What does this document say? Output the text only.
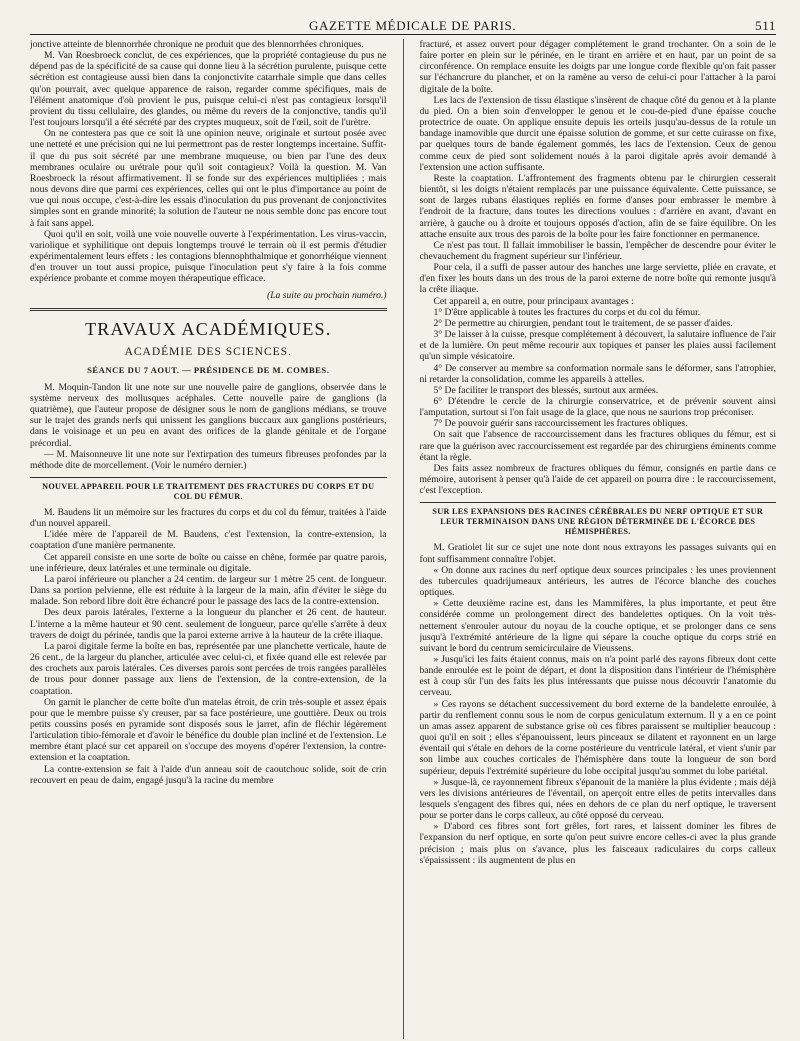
GAZETTE MÉDICALE DE PARIS.	511

jonctive atteinte de blennorrhée chronique ne produit que des blennorrhées chroniques.

M. Van Roesbroeck conclut, de ces expériences, que la propriété contagieuse du pus ne dépend pas de la spécificité de sa cause qui donne lieu à la sécrétion purulente, puisque cette sécrétion est contagieuse aussi bien dans la conjonctivite catarrhale simple que dans celles qu'on pourrait, avec quelque apparence de raison, regarder comme spécifiques, mais de l'élément anatomique d'où provient le pus, puisque celui-ci n'est pas contagieux lorsqu'il provient du tissu cellulaire, des glandes, ou même du revers de la conjonctive, tandis qu'il l'est toujours lorsqu'il a été sécrété par des cryptes muqueux, soit de l'œil, soit de l'urètre.

On ne contestera pas que ce soit là une opinion neuve, originale et surtout posée avec une netteté et une précision qui ne lui permettront pas de rester longtemps incertaine. Suffit-il que du pus soit sécrété par une membrane muqueuse, ou bien par l'une des deux membranes oculaire ou urétrale pour qu'il soit contagieux? Voilà la question. M. Van Roesbroeck la résout affirmativement. Il se fonde sur des expériences multipliées ; mais nous devons dire que parmi ces expériences, celles qui ont le plus d'importance au point de vue qui nous occupe, c'est-à-dire les essais d'inoculation du pus provenant de conjonctivites simples sont en grande minorité; la solution de l'auteur ne nous semble donc pas encore tout à fait sans appel.

Quoi qu'il en soit, voilà une voie nouvelle ouverte à l'expérimentation. Les virus-vaccin, variolique et syphilitique ont depuis longtemps trouvé le terrain où il est permis d'étudier expérimentalement leurs effets : les contagions blennophthalmique et gonorrhéique viennent d'en trouver un tout aussi propice, puisque l'inoculation peut s'y faire à la fois comme expérience probante et comme moyen thérapeutique efficace.

(La suite au prochain numéro.)

TRAVAUX ACADÉMIQUES.
ACADÉMIE DES SCIENCES.
SÉANCE DU 7 AOUT. — PRÉSIDENCE DE M. COMBES.

M. Moquin-Tandon lit une note sur une nouvelle paire de ganglions, observée dans le système nerveux des mollusques acéphales. Cette nouvelle paire de ganglions (la quatrième), que l'auteur propose de désigner sous le nom de ganglions médians, se trouve sur le trajet des grands nerfs qui unissent les ganglions buccaux aux ganglions postérieurs, dans le voisinage et un peu en avant des orifices de la glande génitale et de l'organe précordial.

— M. Maisonneuve lit une note sur l'extirpation des tumeurs fibreuses profondes par la méthode dite de morcellement. (Voir le numéro dernier.)

NOUVEL APPAREIL POUR LE TRAITEMENT DES FRACTURES DU CORPS ET DU COL DU FÉMUR.

M. Baudens lit un mémoire sur les fractures du corps et du col du fémur, traitées à l'aide d'un nouvel appareil.

L'idée mère de l'appareil de M. Baudens, c'est l'extension, la contre-extension, la coaptation d'une manière permanente.

Cet appareil consiste en une sorte de boîte ou caisse en chêne, formée par quatre parois, une inférieure, deux latérales et une terminale ou digitale.

La paroi inférieure ou plancher a 24 centim. de largeur sur 1 mètre 25 cent. de longueur. Dans sa portion pelvienne, elle est réduite à la largeur de la main, afin d'éviter le siège du malade. Son rebord libre doit être échancré pour le passage des lacs de la contre-extension.

Des deux parois latérales, l'externe a la longueur du plancher et 26 cent. de hauteur. L'interne a la même hauteur et 90 cent. seulement de longueur, parce qu'elle s'arrête à deux travers de doigt du périnée, tandis que la paroi externe arrive à la hauteur de la crête iliaque.

La paroi digitale ferme la boîte en bas, représentée par une planchette verticale, haute de 26 cent., de la largeur du plancher, articulée avec celui-ci, et fixée quand elle est relevée par des crochets aux parois latérales. Ces diverses parois sont percées de trois rangées parallèles de trous pour donner passage aux liens de l'extension, de la contre-extension, de la coaptation.

On garnit le plancher de cette boîte d'un matelas étroit, de crin très-souple et assez épais pour que le membre puisse s'y creuser, par sa face postérieure, une gouttière. Deux ou trois petits coussins posés en pyramide sont disposés sous le jarret, afin de fléchir légèrement l'articulation tibio-fémorale et d'avoir le bénéfice du double plan incliné et de l'extension. Le membre étant placé sur cet appareil on s'occupe des moyens d'opérer l'extension, la contre-extension et la coaptation.

La contre-extension se fait à l'aide d'un anneau soit de caoutchouc solide, soit de crin recouvert en peau de daim, engagé jusqu'à la racine du membre

fracturé, et assez ouvert pour dégager complétement le grand trochanter. On a soin de le faire porter en plein sur le périnée, en le tirant en arrière et en haut, par un point de sa circonférence. On remplace ensuite les doigts par une longue corde flexible qu'on fait passer sur l'échancrure du plancher, et on la ramène au verso de celui-ci pour l'attacher à la paroi digitale de la boîte.

Les lacs de l'extension de tissu élastique s'insèrent de chaque côté du genou et à la plante du pied. On a bien soin d'envelopper le genou et le cou-de-pied d'une épaisse couche protectrice de ouate. On applique ensuite depuis les orteils jusqu'au-dessus de la rotule un bandage inamovible que durcit une épaisse solution de gomme, et sur cette cuirasse on fixe, par quelques tours de bande également gommés, les lacs de l'extension. Ceux de genou comme ceux de pied sont solidement noués à la paroi digitale après avoir demandé à l'extension une action suffisante.

Reste la coaptation. L'affrontement des fragments obtenu par le chirurgien cesserait bientôt, si les doigts n'étaient remplacés par une puissance équivalente. Cette puissance, se sont de larges rubans élastiques repliés en forme d'anses pour embrasser le membre à l'endroit de la fracture, dans toutes les directions voulues : d'arrière en avant, d'avant en arrière, à gauche ou à droite et toujours opposés d'action, afin de se faire équilibre. On les attache ensuite aux trous des parois de la boîte pour les faire fonctionner en permanence.

Ce n'est pas tout. Il fallait immobiliser le bassin, l'empêcher de descendre pour éviter le chevauchement du fragment supérieur sur l'inférieur.

Pour cela, il a suffi de passer autour des hanches une large serviette, pliée en cravate, et d'en fixer les bouts dans un des trous de la paroi externe de notre boîte qui remonte jusqu'à la crête iliaque.

Cet appareil a, en outre, pour principaux avantages :

1° D'être applicable à toutes les fractures du corps et du col du fémur.

2° De permettre au chirurgien, pendant tout le traitement, de se passer d'aides.

3° De laisser à la cuisse, presque complétement à découvert, la salutaire influence de l'air et de la lumière. On peut même recourir aux topiques et panser les plaies aussi facilement qu'un simple vésicatoire.

4° De conserver au membre sa conformation normale sans le déformer, sans l'atrophier, ni retarder la consolidation, comme les appareils à attelles.

5° De faciliter le transport des blessés, surtout aux armées.

6° D'étendre le cercle de la chirurgie conservatrice, et de prévenir souvent ainsi l'amputation, surtout si l'on fait usage de la glace, que nous ne saurions trop préconiser.

7° De pouvoir guérir sans raccourcissement les fractures obliques.

On sait que l'absence de raccourcissement dans les fractures obliques du fémur, est si rare que la guérison avec raccourcissement est regardée par des chirurgiens éminents comme étant la règle.

Des faits assez nombreux de fractures obliques du fémur, consignés en partie dans ce mémoire, autorisent à penser qu'à l'aide de cet appareil on pourra dire : le raccourcissement, c'est l'exception.

SUR LES EXPANSIONS DES RACINES CÉRÉBRALES DU NERF OPTIQUE ET SUR LEUR TERMINAISON DANS UNE RÉGION DÉTERMINÉE DE L'ÉCORCE DES HÉMISPHÈRES.

M. Gratiolet lit sur ce sujet une note dont nous extrayons les passages suivants qui en font suffisamment connaître l'objet.

« On donne aux racines du nerf optique deux sources principales : les unes proviennent des tubercules quadrijumeaux antérieurs, les autres de l'écorce blanche des couches optiques.

» Cette deuxième racine est, dans les Mammifères, la plus importante, et peut être considérée comme un prolongement direct des bandelettes optiques. On la voit très-nettement s'enrouler autour du noyau de la couche optique, et se prolonger dans ce sens jusqu'à l'extrémité antérieure de la ligne qui sépare la couche optique du corps strié en suivant le bord du centrum semicirculaire de Vieussens.

» Jusqu'ici les faits étaient connus, mais on n'a point parlé des rayons fibreux dont cette bande enroulée est le point de départ, et dont la disposition dans l'intérieur de l'hémisphère est à coup sûr l'un des faits les plus intéressants que puisse nous découvrir l'anatomie du cerveau.

» Ces rayons se détachent successivement du bord externe de la bandelette enroulée, à partir du renflement connu sous le nom de corpus geniculatum externum. Il y a en ce point un amas assez apparent de substance grise où ces fibres paraissent se multiplier beaucoup : quoi qu'il en soit ; elles s'épanouissent, leurs pinceaux se dilatent et rayonnent en un large éventail qui s'étale en dehors de la corne postérieure du ventricule latéral, et vient s'unir par son limbe aux couches corticales de l'hémisphère dans toute la longueur de son bord supérieur, depuis l'extrémité supérieure du lobe occipital jusqu'au sommet du lobe pariétal.

» Jusque-là, ce rayonnement fibreux s'épanouit de la manière la plus évidente ; mais déjà vers les divisions antérieures de l'éventail, on aperçoit entre elles de petits intervalles dans lesquels s'engagent des fibres qui, nées en dehors de ce plan du nerf optique, le traversent pour se porter dans le corps calleux, au côté opposé du cerveau.

» D'abord ces fibres sont fort grêles, fort rares, et laissent dominer les fibres de l'expansion du nerf optique, en sorte qu'on peut suivre encore celles-ci avec la plus grande précision ; mais plus on s'avance, plus les faisceaux radiculaires du corps calleux s'épaississent : ils augmentent de plus en
